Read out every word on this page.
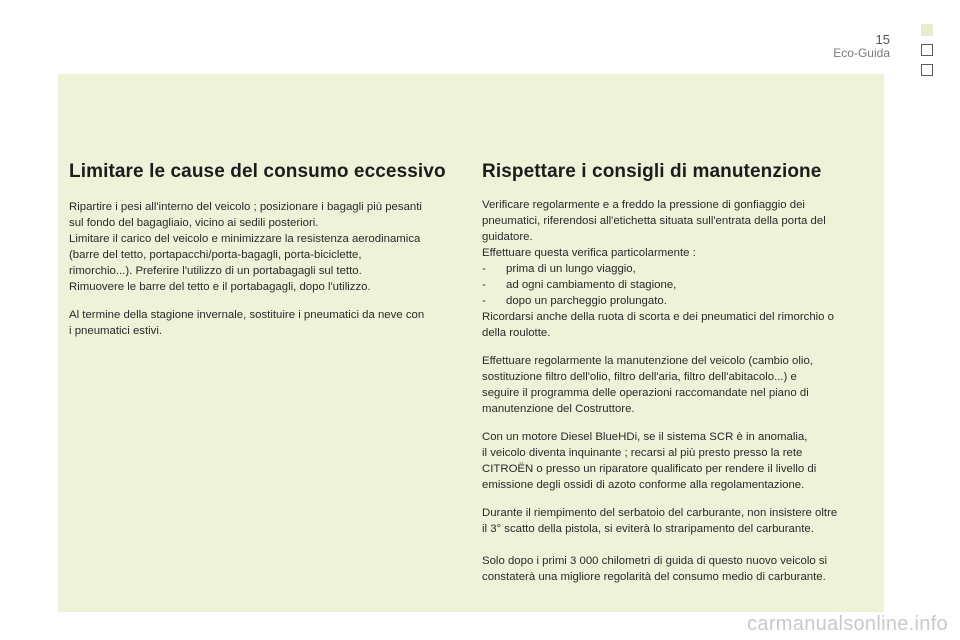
15
Eco-Guida
Limitare le cause del consumo eccessivo

Ripartire i pesi all'interno del veicolo ; posizionare i bagagli più pesanti
sul fondo del bagagliaio, vicino ai sedili posteriori.
Limitare il carico del veicolo e minimizzare la resistenza aerodinamica
(barre del tetto, portapacchi/porta-bagagli, porta-biciclette,
rimorchio...). Preferire l'utilizzo di un portabagagli sul tetto.
Rimuovere le barre del tetto e il portabagagli, dopo l'utilizzo.

Al termine della stagione invernale, sostituire i pneumatici da neve con
i pneumatici estivi.

Rispettare i consigli di manutenzione

Verificare regolarmente e a freddo la pressione di gonfiaggio dei
pneumatici, riferendosi all'etichetta situata sull'entrata della porta del
guidatore.
Effettuare questa verifica particolarmente :

- prima di un lungo viaggio,
- ad ogni cambiamento di stagione,
- dopo un parcheggio prolungato.

Ricordarsi anche della ruota di scorta e dei pneumatici del rimorchio o
della roulotte.

Effettuare regolarmente la manutenzione del veicolo (cambio olio,
sostituzione filtro dell'olio, filtro dell'aria, filtro dell'abitacolo...) e
seguire il programma delle operazioni raccomandate nel piano di
manutenzione del Costruttore.

Con un motore Diesel BlueHDi, se il sistema SCR è in anomalia,
il veicolo diventa inquinante ; recarsi al più presto presso la rete
CITROËN o presso un riparatore qualificato per rendere il livello di
emissione degli ossidi di azoto conforme alla regolamentazione.

Durante il riempimento del serbatoio del carburante, non insistere oltre
il 3° scatto della pistola, si eviterà lo straripamento del carburante.

Solo dopo i primi 3 000 chilometri di guida di questo nuovo veicolo si
constaterà una migliore regolarità del consumo medio di carburante.

carmanualsonline.info
